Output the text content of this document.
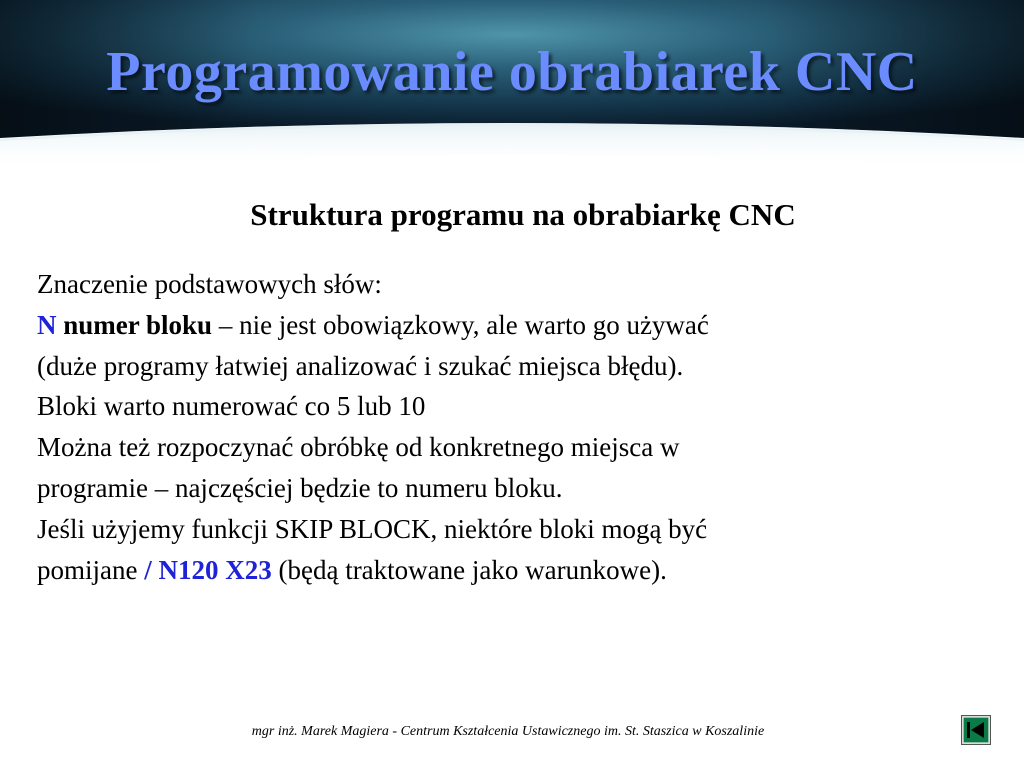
Programowanie obrabiarek CNC
Struktura programu na obrabiarkę CNC
Znaczenie podstawowych słów:
N numer bloku – nie jest obowiązkowy, ale warto go używać
(duże programy łatwiej analizować i szukać miejsca błędu).
Bloki warto numerować co 5 lub 10
Można też rozpoczynać obróbkę od konkretnego miejsca w
programie – najczęściej będzie to numeru bloku.
Jeśli użyjemy funkcji SKIP BLOCK, niektóre bloki mogą być
pomijane / N120 X23 (będą traktowane jako warunkowe).

mgr inż. Marek Magiera - Centrum Kształcenia Ustawicznego im. St. Staszica w Koszalinie
